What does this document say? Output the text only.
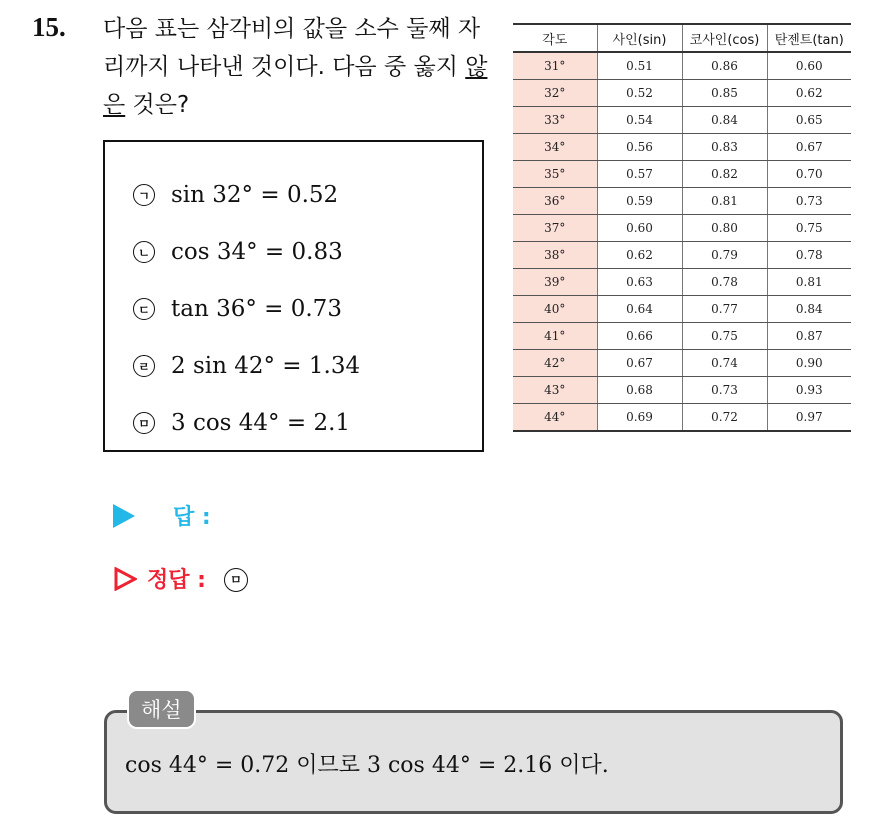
15. 다음 표는 삼각비의 값을 소수 둘째 자리까지 나타낸 것이다. 다음 중 옳지 않은 것은?
ㄱ sin 32° = 0.52
ㄴ cos 34° = 0.83
ㄷ tan 36° = 0.73
ㄹ 2 sin 42° = 1.34
ㅁ 3 cos 44° = 2.1
각도	사인(sin)	코사인(cos)	탄젠트(tan)
31°	0.51	0.86	0.60
32°	0.52	0.85	0.62
33°	0.54	0.84	0.65
34°	0.56	0.83	0.67
35°	0.57	0.82	0.70
36°	0.59	0.81	0.73
37°	0.60	0.80	0.75
38°	0.62	0.79	0.78
39°	0.63	0.78	0.81
40°	0.64	0.77	0.84
41°	0.66	0.75	0.87
42°	0.67	0.74	0.90
43°	0.68	0.73	0.93
44°	0.69	0.72	0.97
답 :
정답 :	ㅁ
해설
cos 44° = 0.72 이므로 3 cos 44° = 2.16 이다.
